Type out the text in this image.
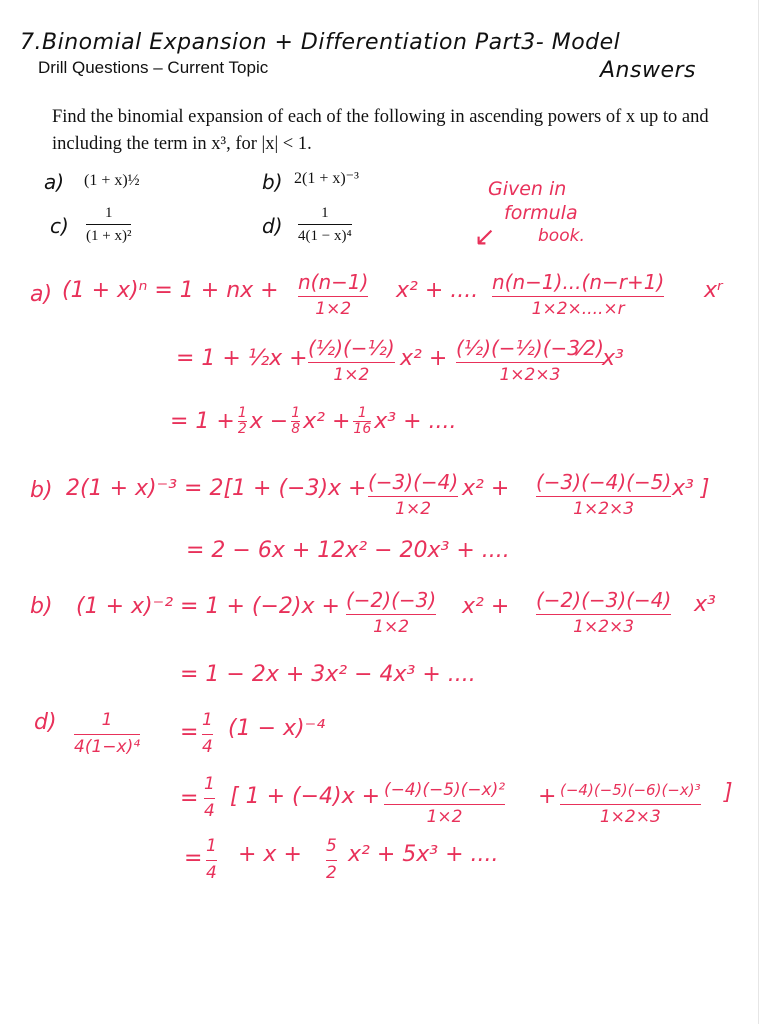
7.Binomial Expansion + Differentiation Part3- Model
Drill Questions – Current Topic	Answers
Find the binomial expansion of each of the following in ascending powers of x up to and
including the term in x³, for |x| < 1.
a) (1 + x)½	b) 2(1 + x)⁻³
c)
1
(1 + x)²	d)
1
4(1 − x)⁴
Given in
formula
book.
↙
a) (1 + x)ⁿ = 1 + nx + n(n−1)
1×2
x² + .... n(n−1)...(n−r+1)
1×2×....×r
xʳ
= 1 + ½x + (½)(−½)
1×2
x² + (½)(−½)(−3⁄2)
1×2×3
x³
= 1 + 1
2 x − 1
8 x² + 1
16 x³ + ....
b) 2(1 + x)⁻³ = 2[1 + (−3)x + (−3)(−4)
1×2
x² + (−3)(−4)(−5)
1×2×3
x³ ]
= 2 − 6x + 12x² − 20x³ + ....
b) (1 + x)⁻² = 1 + (−2)x + (−2)(−3)
1×2
x² + (−2)(−3)(−4)
1×2×3
x³
= 1 − 2x + 3x² − 4x³ + ....
d)	1
4(1−x)⁴
= 1
4
(1 − x)⁻⁴
=
1
4
[ 1 + (−4)x + (−4)(−5)(−x)²
1×2
+ (−4)(−5)(−6)(−x)³
1×2×3
]
= 1
4
+ x + 5
2
x² + 5x³ + ....
